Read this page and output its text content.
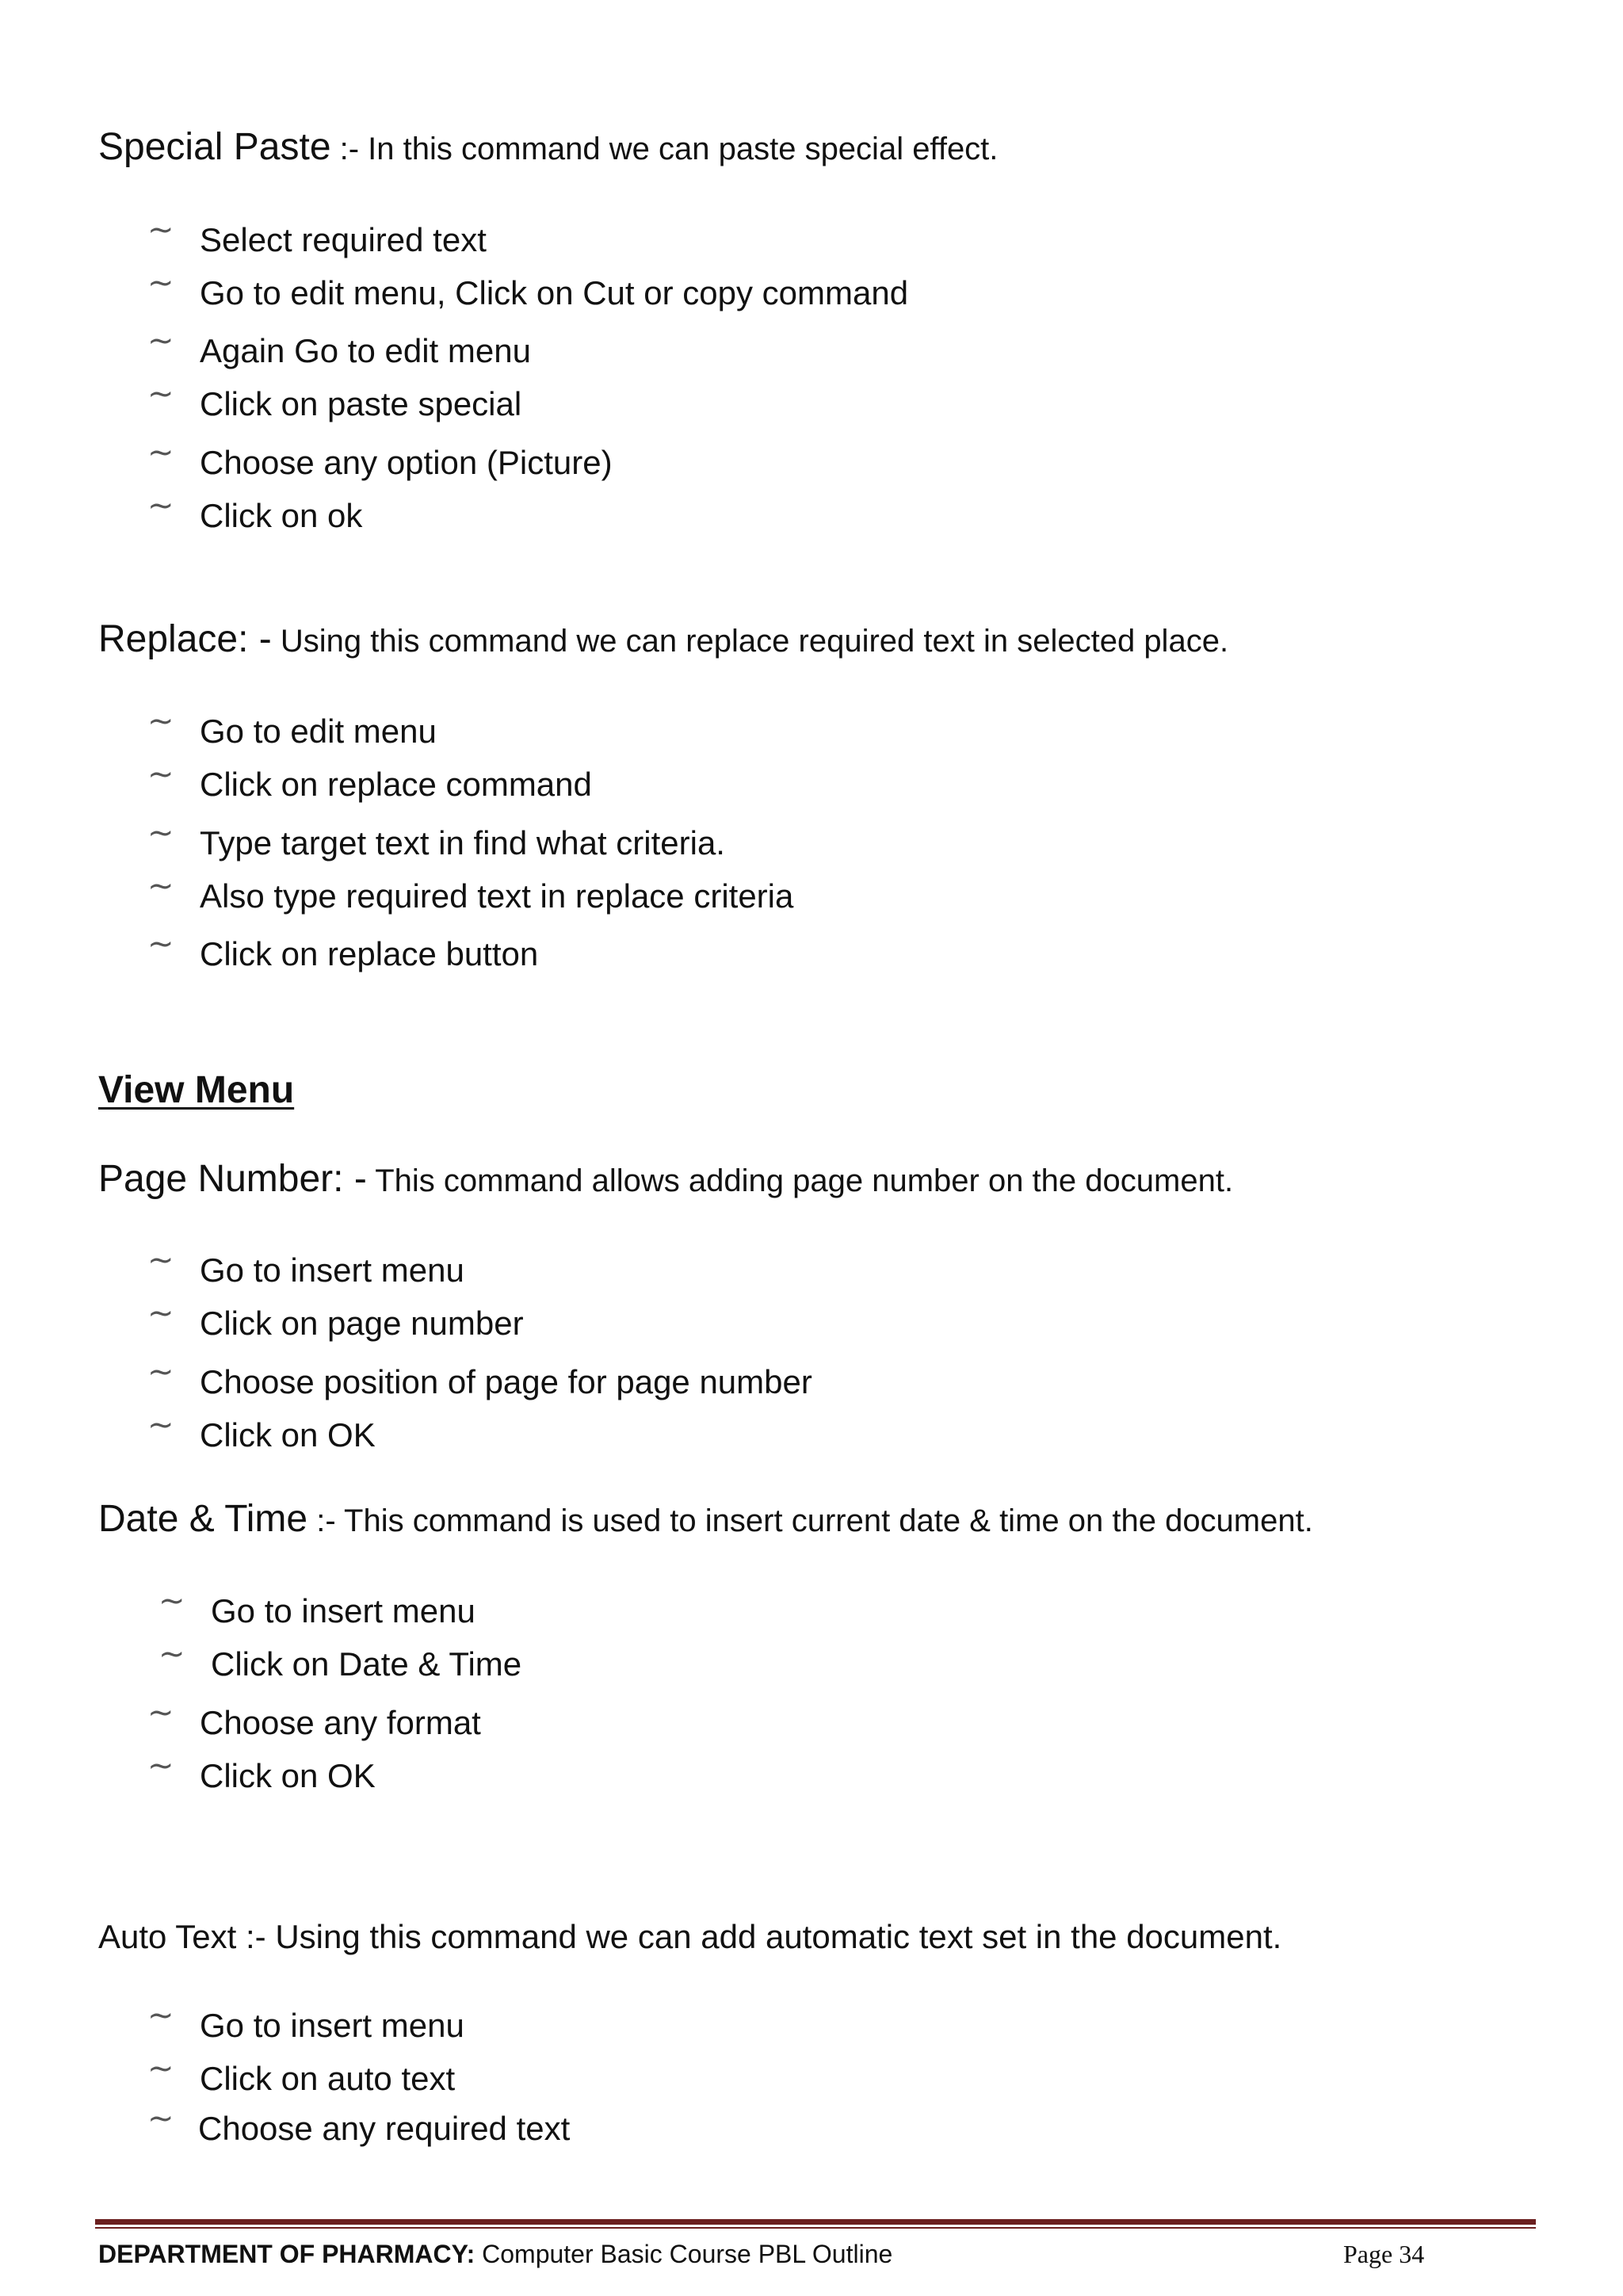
Special Paste :- In this command we can paste special effect.
~ Select required text
~ Go to edit menu, Click on Cut or copy command
~ Again Go to edit menu
~ Click on paste special
~ Choose any option (Picture)
~ Click on ok
Replace: - Using this command we can replace required text in selected place.
~ Go to edit menu
~ Click on replace command
~ Type target text in find what criteria.
~ Also type required text in replace criteria
~ Click on replace button
View Menu
Page Number: - This command allows adding page number on the document.
~ Go to insert menu
~ Click on page number
~ Choose position of page for page number
~ Click on OK
Date & Time :- This command is used to insert current date & time on the document.
~ Go to insert menu
~ Click on Date & Time
~ Choose any format
~ Click on OK
Auto Text :- Using this command we can add automatic text set in the document.
~ Go to insert menu
~ Click on auto text
~ Choose any required text
DEPARTMENT OF PHARMACY: Computer Basic Course PBL Outline	Page 34
